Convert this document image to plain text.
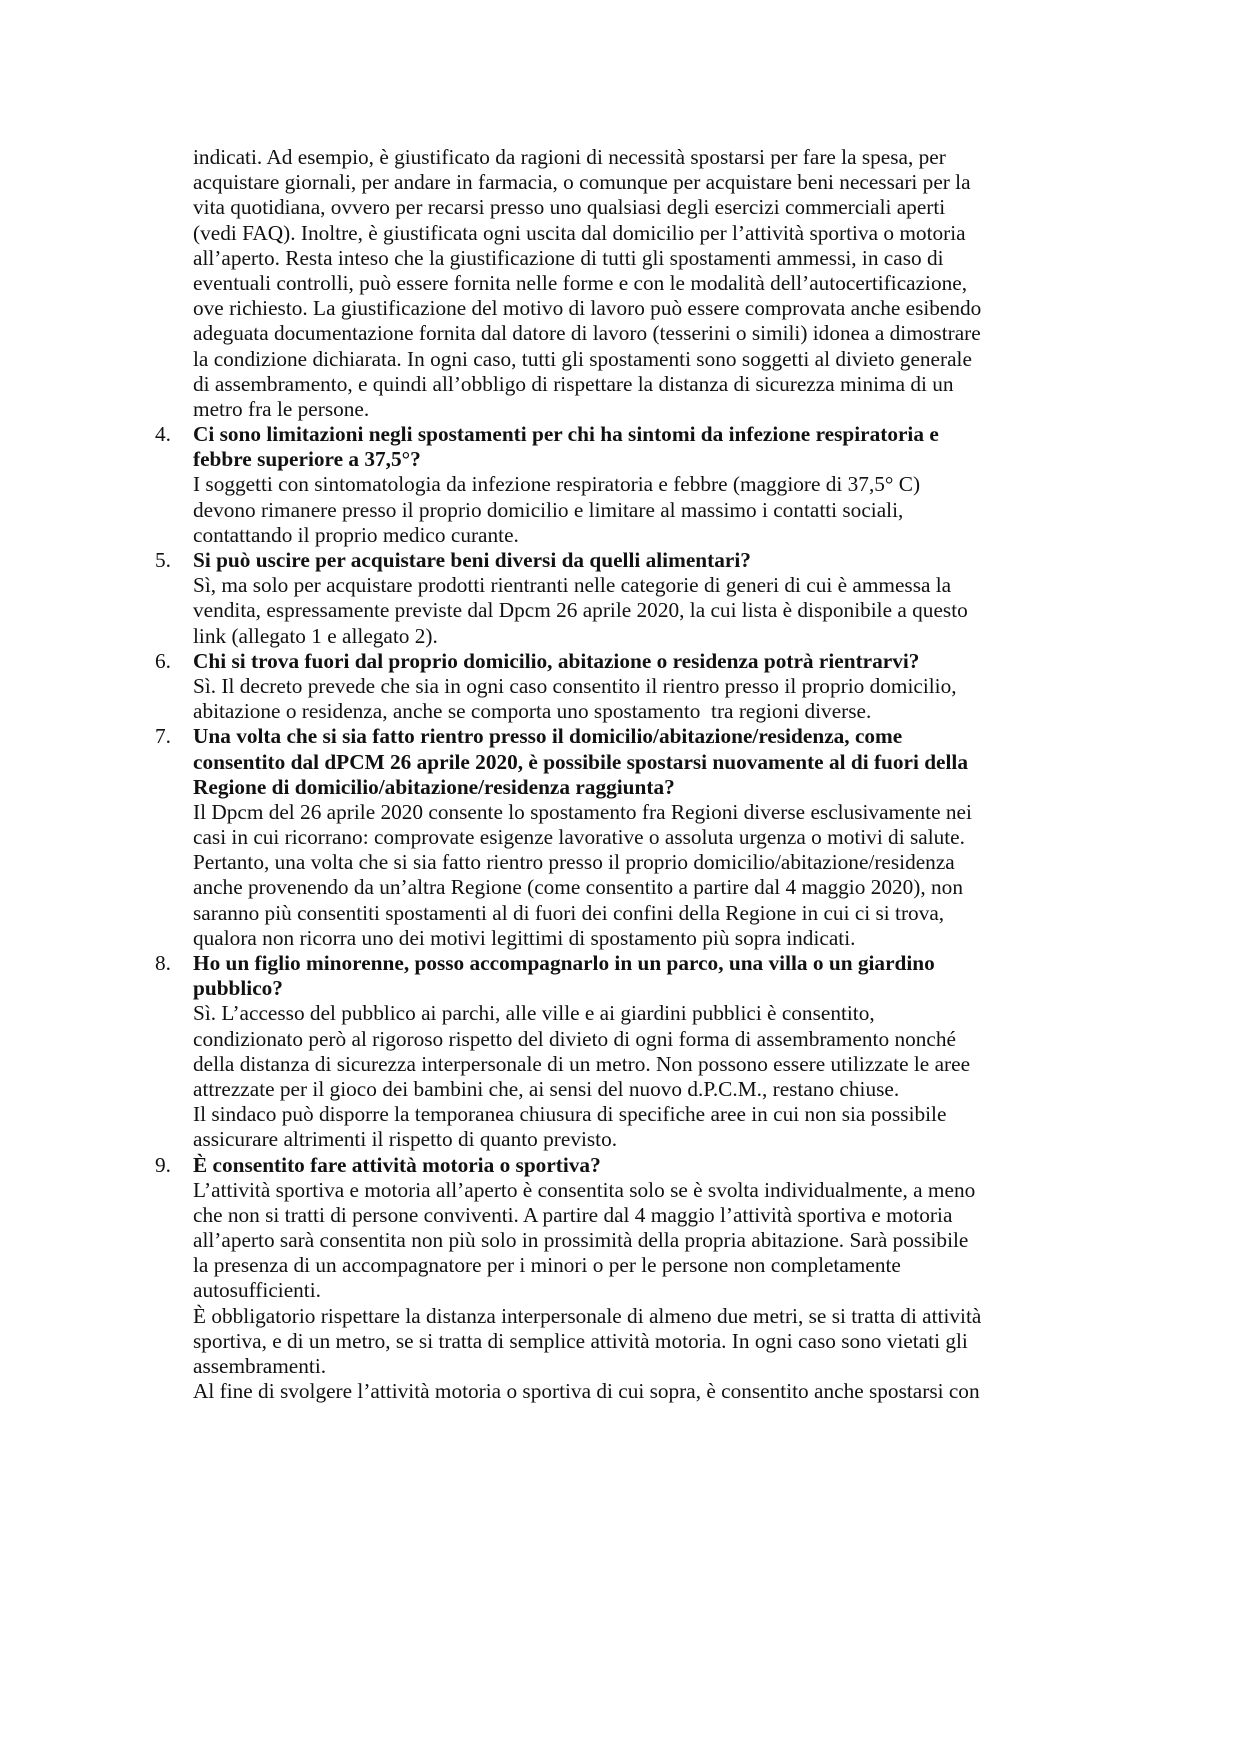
indicati. Ad esempio, è giustificato da ragioni di necessità spostarsi per fare la spesa, per
acquistare giornali, per andare in farmacia, o comunque per acquistare beni necessari per la
vita quotidiana, ovvero per recarsi presso uno qualsiasi degli esercizi commerciali aperti
(vedi FAQ). Inoltre, è giustificata ogni uscita dal domicilio per l’attività sportiva o motoria
all’aperto. Resta inteso che la giustificazione di tutti gli spostamenti ammessi, in caso di
eventuali controlli, può essere fornita nelle forme e con le modalità dell’autocertificazione,
ove richiesto. La giustificazione del motivo di lavoro può essere comprovata anche esibendo
adeguata documentazione fornita dal datore di lavoro (tesserini o simili) idonea a dimostrare
la condizione dichiarata. In ogni caso, tutti gli spostamenti sono soggetti al divieto generale
di assembramento, e quindi all’obbligo di rispettare la distanza di sicurezza minima di un
metro fra le persone.
4. Ci sono limitazioni negli spostamenti per chi ha sintomi da infezione respiratoria e
febbre superiore a 37,5°?
I soggetti con sintomatologia da infezione respiratoria e febbre (maggiore di 37,5° C)
devono rimanere presso il proprio domicilio e limitare al massimo i contatti sociali,
contattando il proprio medico curante.
5. Si può uscire per acquistare beni diversi da quelli alimentari?
Sì, ma solo per acquistare prodotti rientranti nelle categorie di generi di cui è ammessa la
vendita, espressamente previste dal Dpcm 26 aprile 2020, la cui lista è disponibile a questo
link (allegato 1 e allegato 2).
6. Chi si trova fuori dal proprio domicilio, abitazione o residenza potrà rientrarvi?
Sì. Il decreto prevede che sia in ogni caso consentito il rientro presso il proprio domicilio,
abitazione o residenza, anche se comporta uno spostamento  tra regioni diverse.
7. Una volta che si sia fatto rientro presso il domicilio/abitazione/residenza, come
consentito dal dPCM 26 aprile 2020, è possibile spostarsi nuovamente al di fuori della
Regione di domicilio/abitazione/residenza raggiunta?
Il Dpcm del 26 aprile 2020 consente lo spostamento fra Regioni diverse esclusivamente nei
casi in cui ricorrano: comprovate esigenze lavorative o assoluta urgenza o motivi di salute.
Pertanto, una volta che si sia fatto rientro presso il proprio domicilio/abitazione/residenza
anche provenendo da un’altra Regione (come consentito a partire dal 4 maggio 2020), non
saranno più consentiti spostamenti al di fuori dei confini della Regione in cui ci si trova,
qualora non ricorra uno dei motivi legittimi di spostamento più sopra indicati.
8. Ho un figlio minorenne, posso accompagnarlo in un parco, una villa o un giardino
pubblico?
Sì. L’accesso del pubblico ai parchi, alle ville e ai giardini pubblici è consentito,
condizionato però al rigoroso rispetto del divieto di ogni forma di assembramento nonché
della distanza di sicurezza interpersonale di un metro. Non possono essere utilizzate le aree
attrezzate per il gioco dei bambini che, ai sensi del nuovo d.P.C.M., restano chiuse.
Il sindaco può disporre la temporanea chiusura di specifiche aree in cui non sia possibile
assicurare altrimenti il rispetto di quanto previsto.
9. È consentito fare attività motoria o sportiva?
L’attività sportiva e motoria all’aperto è consentita solo se è svolta individualmente, a meno
che non si tratti di persone conviventi. A partire dal 4 maggio l’attività sportiva e motoria
all’aperto sarà consentita non più solo in prossimità della propria abitazione. Sarà possibile
la presenza di un accompagnatore per i minori o per le persone non completamente
autosufficienti.
È obbligatorio rispettare la distanza interpersonale di almeno due metri, se si tratta di attività
sportiva, e di un metro, se si tratta di semplice attività motoria. In ogni caso sono vietati gli
assembramenti.
Al fine di svolgere l’attività motoria o sportiva di cui sopra, è consentito anche spostarsi con
